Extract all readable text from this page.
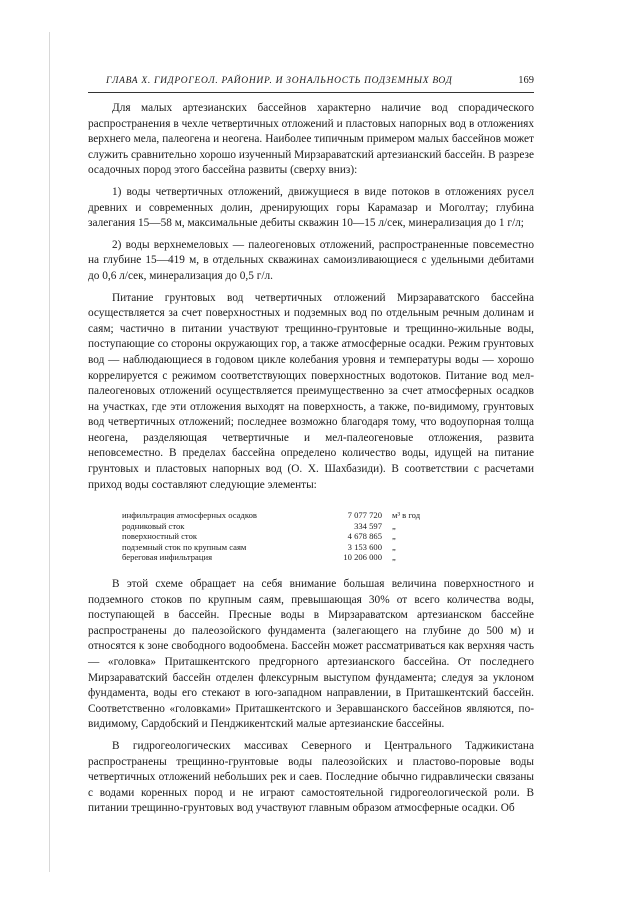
ГЛАВА X. ГИДРОГЕОЛ. РАЙОНИР. И ЗОНАЛЬНОСТЬ ПОДЗЕМНЫХ ВОД	169

Для малых артезианских бассейнов характерно наличие вод спорадического распространения в чехле четвертичных отложений и пластовых напорных вод в отложениях верхнего мела, палеогена и неогена. Наиболее типичным примером малых бассейнов может служить сравнительно хорошо изученный Мирзараватский артезианский бассейн. В разрезе осадочных пород этого бассейна развиты (сверху вниз):

1) воды четвертичных отложений, движущиеся в виде потоков в отложениях русел древних и современных долин, дренирующих горы Карамазар и Моголтау; глубина залегания 15—58 м, максимальные дебиты скважин 10—15 л/сек, минерализация до 1 г/л;

2) воды верхнемеловых — палеогеновых отложений, распространенные повсеместно на глубине 15—419 м, в отдельных скважинах самоизливающиеся с удельными дебитами до 0,6 л/сек, минерализация до 0,5 г/л.

Питание грунтовых вод четвертичных отложений Мирзараватского бассейна осуществляется за счет поверхностных и подземных вод по отдельным речным долинам и саям; частично в питании участвуют трещинно-грунтовые и трещинно-жильные воды, поступающие со стороны окружающих гор, а также атмосферные осадки. Режим грунтовых вод — наблюдающиеся в годовом цикле колебания уровня и температуры воды — хорошо коррелируется с режимом соответствующих поверхностных водотоков. Питание вод мел-палеогеновых отложений осуществляется преимущественно за счет атмосферных осадков на участках, где эти отложения выходят на поверхность, а также, по-видимому, грунтовых вод четвертичных отложений; последнее возможно благодаря тому, что водоупорная толща неогена, разделяющая четвертичные и мел-палеогеновые отложения, развита неповсеместно. В пределах бассейна определено количество воды, идущей на питание грунтовых и пластовых напорных вод (О. Х. Шахбазиди). В соответствии с расчетами приход воды составляют следующие элементы:

инфильтрация атмосферных осадков	7 077 720 м³ в год
родниковый сток	334 597 „
поверхностный сток	4 678 865 „
подземный сток по крупным саям	3 153 600 „
береговая инфильтрация	10 206 000 „

В этой схеме обращает на себя внимание большая величина поверхностного и подземного стоков по крупным саям, превышающая 30% от всего количества воды, поступающей в бассейн. Пресные воды в Мирзараватском артезианском бассейне распространены до палеозойского фундамента (залегающего на глубине до 500 м) и относятся к зоне свободного водообмена. Бассейн может рассматриваться как верхняя часть — «головка» Приташкентского предгорного артезианского бассейна. От последнего Мирзараватский бассейн отделен флексурным выступом фундамента; следуя за уклоном фундамента, воды его стекают в юго-западном направлении, в Приташкентский бассейн. Соответственно «головками» Приташкентского и Зеравшанского бассейнов являются, по-видимому, Сардобский и Пенджикентский малые артезианские бассейны.

В гидрогеологических массивах Северного и Центрального Таджикистана распространены трещинно-грунтовые воды палеозойских и пластово-поровые воды четвертичных отложений небольших рек и саев. Последние обычно гидравлически связаны с водами коренных пород и не играют самостоятельной гидрогеологической роли. В питании трещинно-грунтовых вод участвуют главным образом атмосферные осадки. Об
